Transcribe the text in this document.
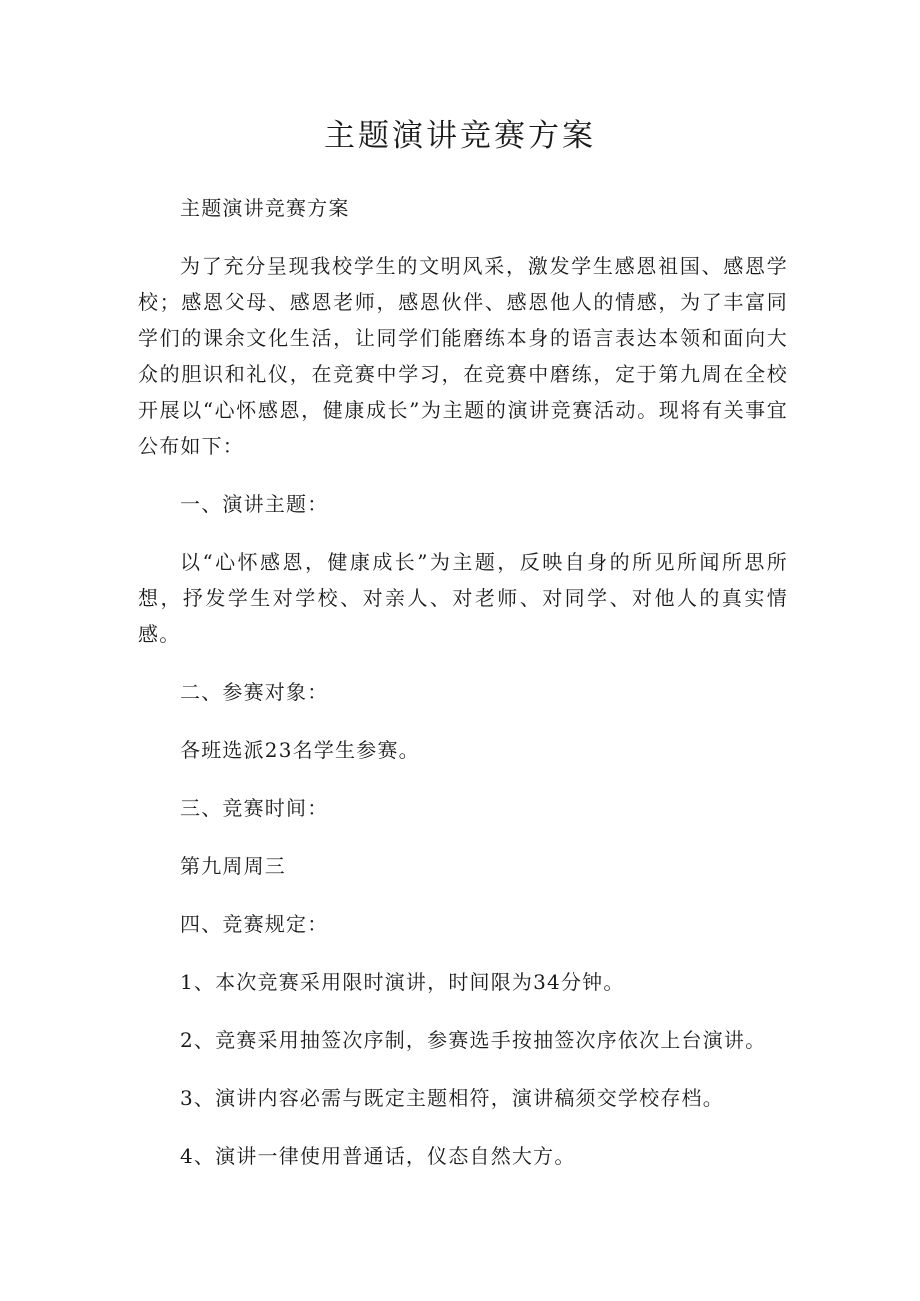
主题演讲竞赛方案

主题演讲竞赛方案

为了充分呈现我校学生的文明风采，激发学生感恩祖国、感恩学校；感恩父母、感恩老师，感恩伙伴、感恩他人的情感，为了丰富同学们的课余文化生活，让同学们能磨练本身的语言表达本领和面向大众的胆识和礼仪，在竞赛中学习，在竞赛中磨练，定于第九周在全校开展以“心怀感恩，健康成长”为主题的演讲竞赛活动。现将有关事宜公布如下：

一、演讲主题：

以“心怀感恩，健康成长”为主题，反映自身的所见所闻所思所想，抒发学生对学校、对亲人、对老师、对同学、对他人的真实情感。

二、参赛对象：

各班选派23名学生参赛。

三、竞赛时间：

第九周周三

四、竞赛规定：

1、本次竞赛采用限时演讲，时间限为34分钟。

2、竞赛采用抽签次序制，参赛选手按抽签次序依次上台演讲。

3、演讲内容必需与既定主题相符，演讲稿须交学校存档。

4、演讲一律使用普通话，仪态自然大方。
